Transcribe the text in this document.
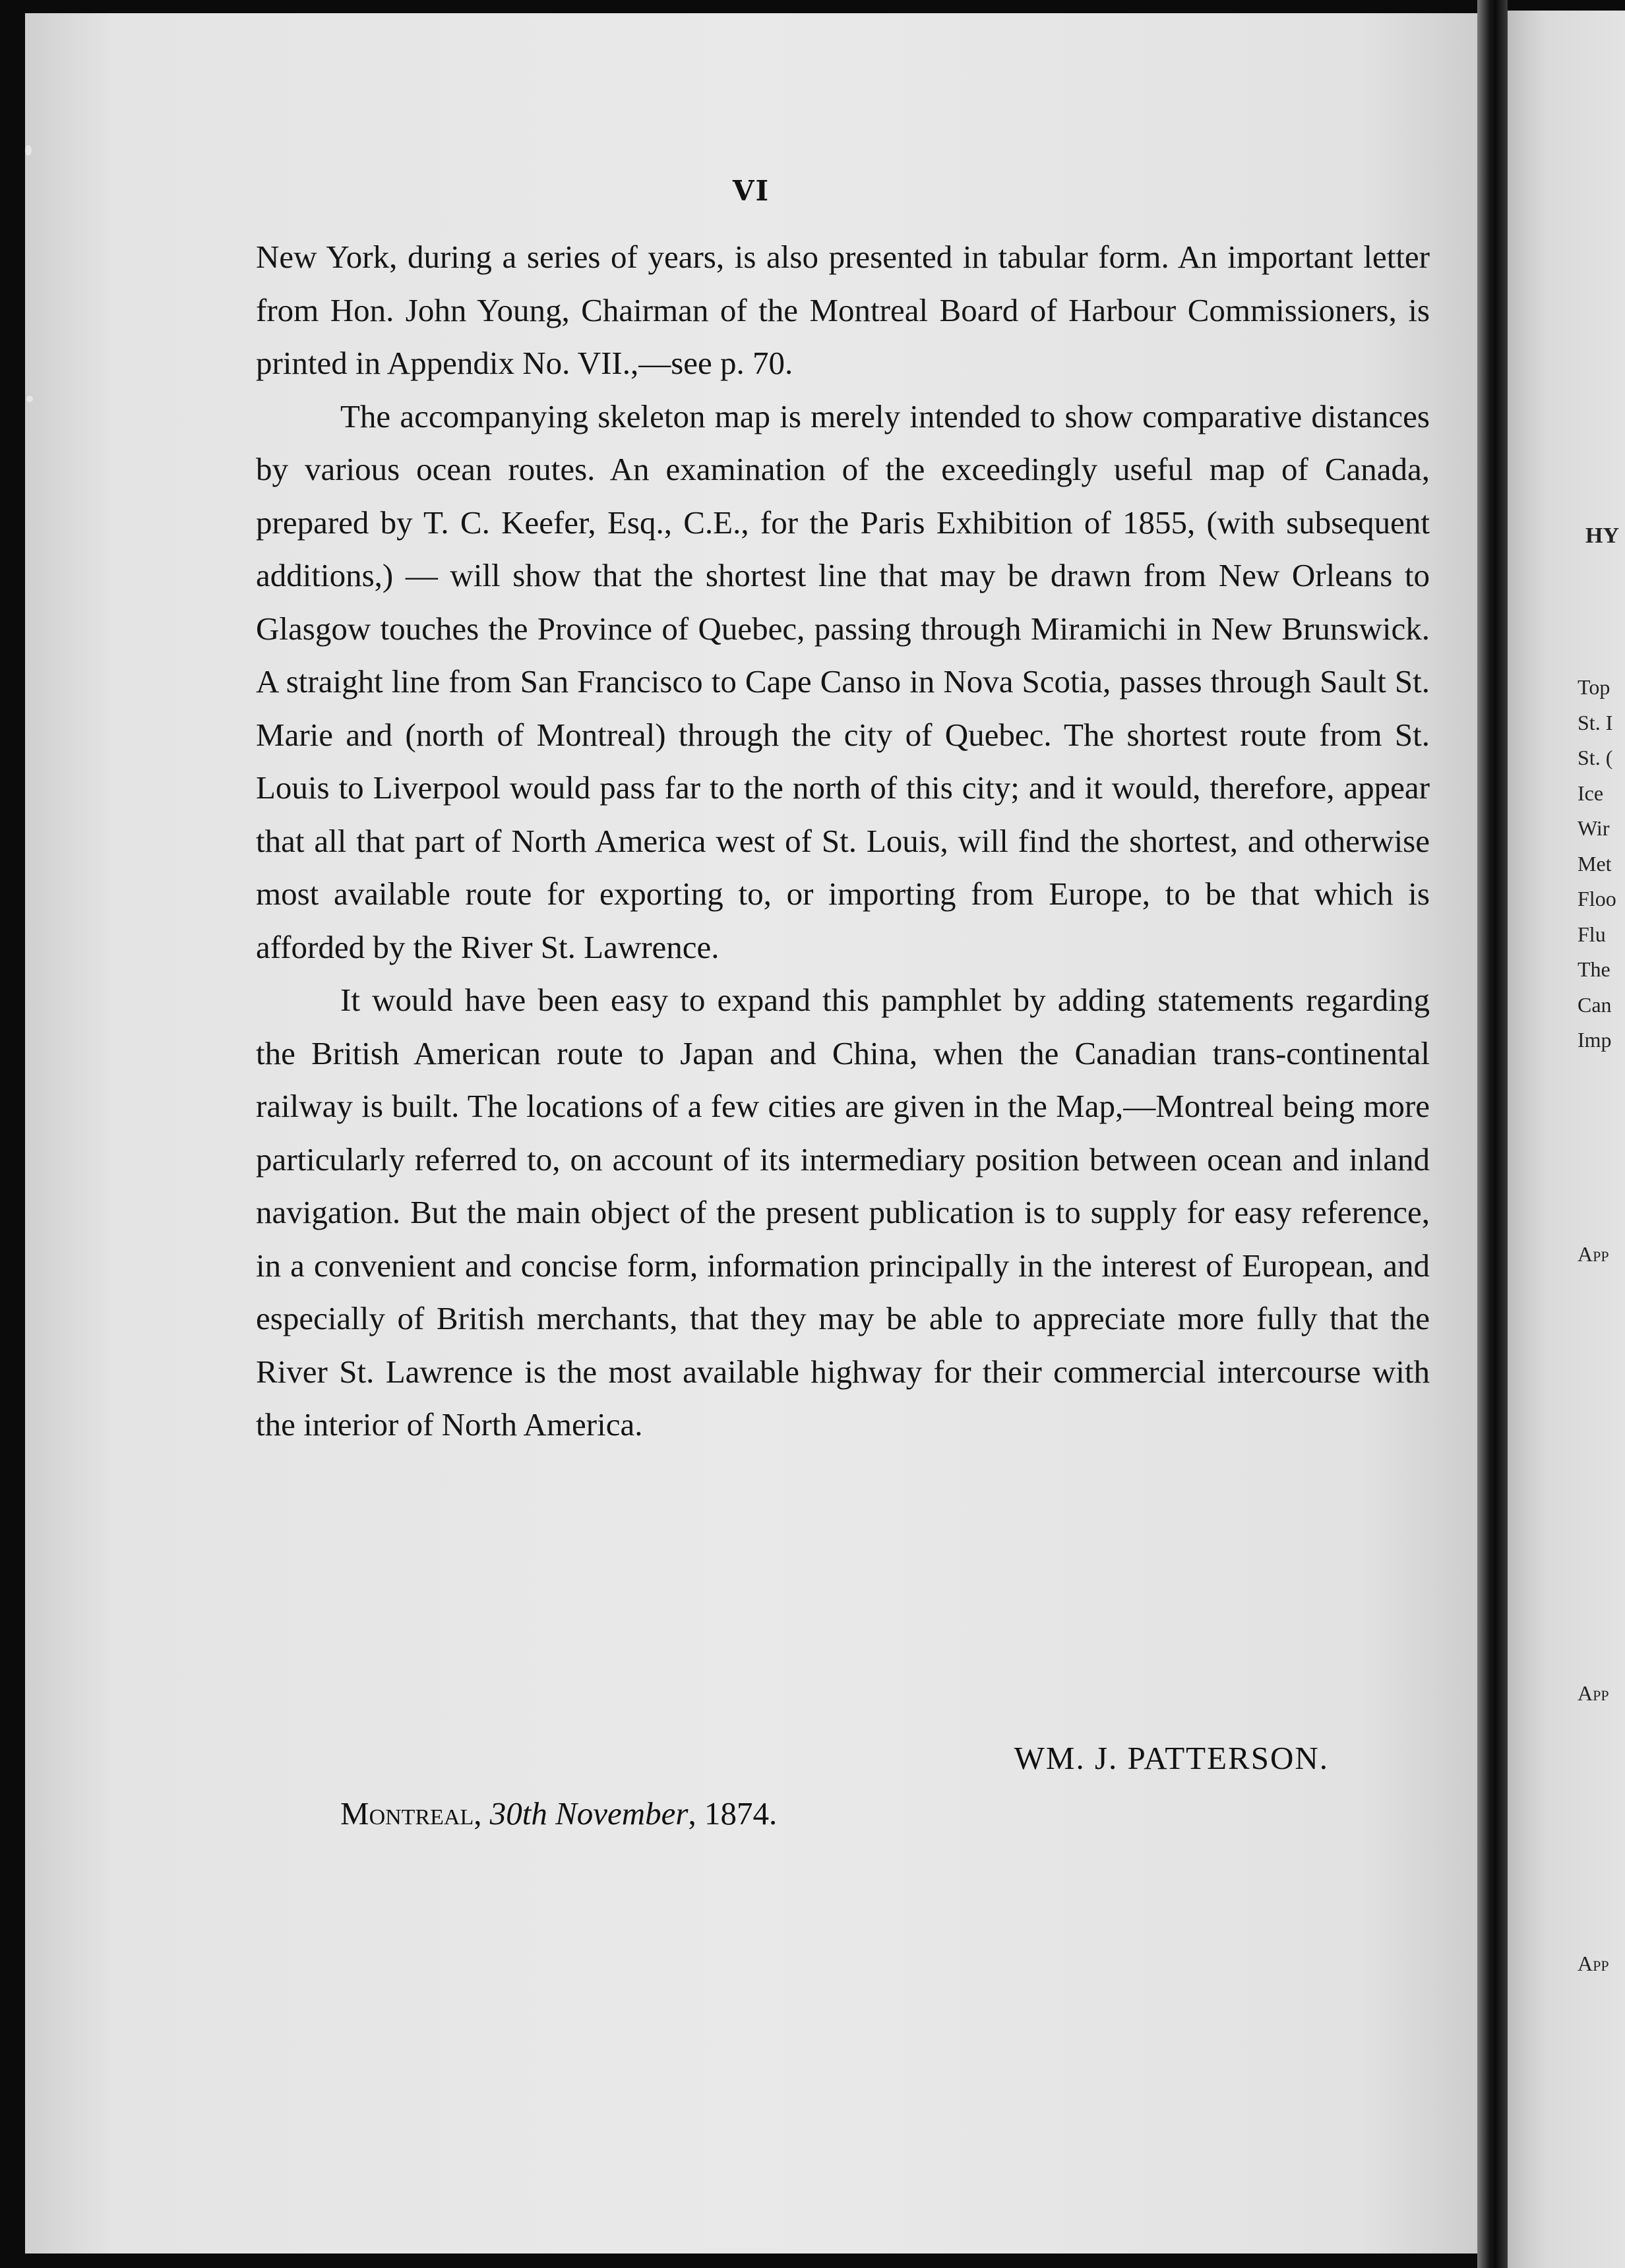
VI

New York, during a series of years, is also presented in tabular form. An important letter from Hon. John Young, Chairman of the Montreal Board of Harbour Commissioners, is printed in Appendix No. VII.,—see p. 70.

The accompanying skeleton map is merely intended to show comparative distances by various ocean routes. An examination of the exceedingly useful map of Canada, prepared by T. C. Keefer, Esq., C.E., for the Paris Exhibition of 1855, (with subsequent additions,) — will show that the shortest line that may be drawn from New Orleans to Glasgow touches the Province of Quebec, passing through Miramichi in New Brunswick. A straight line from San Francisco to Cape Canso in Nova Scotia, passes through Sault St. Marie and (north of Montreal) through the city of Quebec. The shortest route from St. Louis to Liverpool would pass far to the north of this city; and it would, therefore, appear that all that part of North America west of St. Louis, will find the shortest, and otherwise most available route for exporting to, or importing from Europe, to be that which is afforded by the River St. Lawrence.

It would have been easy to expand this pamphlet by adding statements regarding the British American route to Japan and China, when the Canadian trans-continental railway is built. The locations of a few cities are given in the Map,—Montreal being more particularly referred to, on account of its intermediary position between ocean and inland navigation. But the main object of the present publication is to supply for easy reference, in a convenient and concise form, information principally in the interest of European, and especially of British merchants, that they may be able to appreciate more fully that the River St. Lawrence is the most available highway for their commercial intercourse with the interior of North America.

WM. J. PATTERSON.
Montreal, 30th November, 1874.
HY
Top
St. I
St. (
Ice
Wir
Met
Floo
Flu
The
Can
Imp
App
App
App
